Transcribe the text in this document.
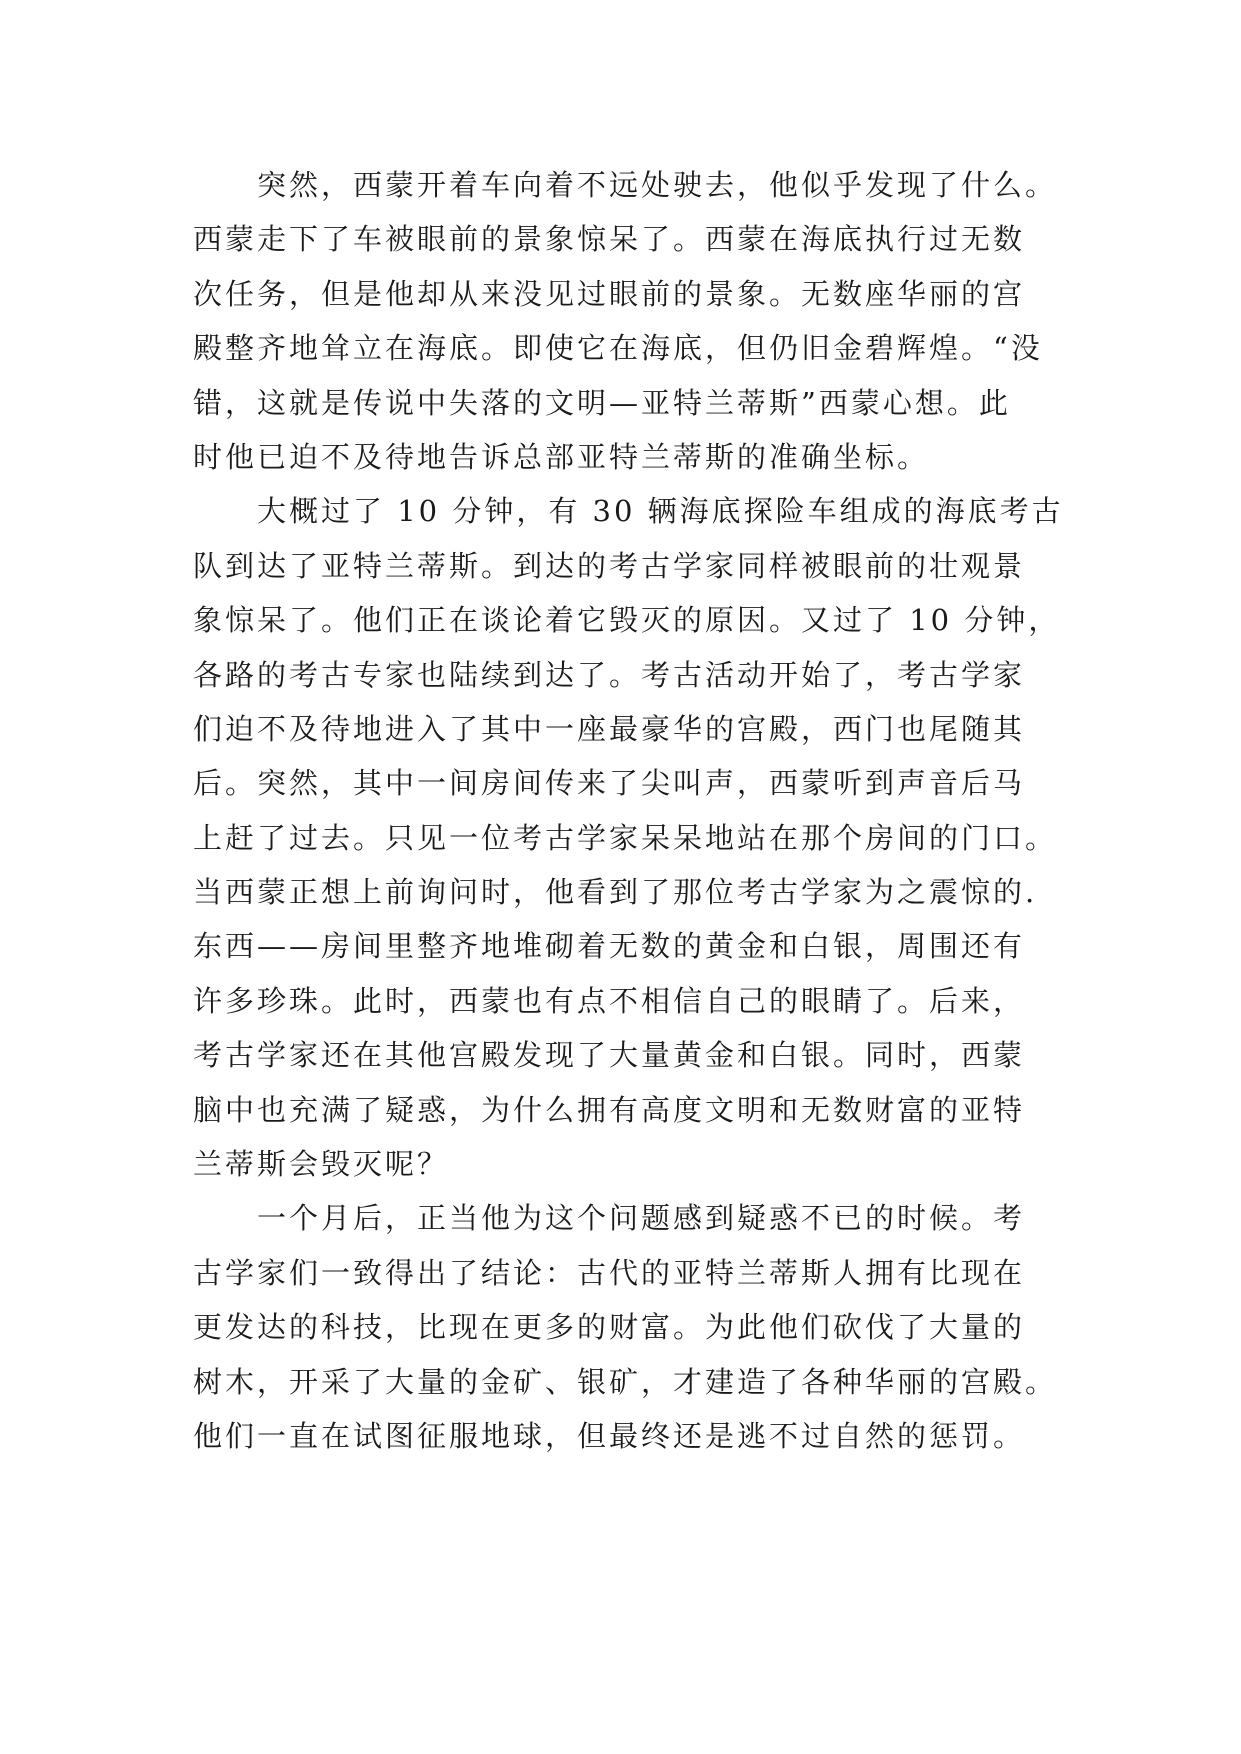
突然，西蒙开着车向着不远处驶去，他似乎发现了什么。
西蒙走下了车被眼前的景象惊呆了。西蒙在海底执行过无数
次任务，但是他却从来没见过眼前的景象。无数座华丽的宫
殿整齐地耸立在海底。即使它在海底，但仍旧金碧辉煌。“没
错，这就是传说中失落的文明—亚特兰蒂斯”西蒙心想。此
时他已迫不及待地告诉总部亚特兰蒂斯的准确坐标。
大概过了 10 分钟，有 30 辆海底探险车组成的海底考古
队到达了亚特兰蒂斯。到达的考古学家同样被眼前的壮观景
象惊呆了。他们正在谈论着它毁灭的原因。又过了 10 分钟，
各路的考古专家也陆续到达了。考古活动开始了，考古学家
们迫不及待地进入了其中一座最豪华的宫殿，西门也尾随其
后。突然，其中一间房间传来了尖叫声，西蒙听到声音后马
上赶了过去。只见一位考古学家呆呆地站在那个房间的门口。
当西蒙正想上前询问时，他看到了那位考古学家为之震惊的.
东西——房间里整齐地堆砌着无数的黄金和白银，周围还有
许多珍珠。此时，西蒙也有点不相信自己的眼睛了。后来，
考古学家还在其他宫殿发现了大量黄金和白银。同时，西蒙
脑中也充满了疑惑，为什么拥有高度文明和无数财富的亚特
兰蒂斯会毁灭呢？
一个月后，正当他为这个问题感到疑惑不已的时候。考
古学家们一致得出了结论：古代的亚特兰蒂斯人拥有比现在
更发达的科技，比现在更多的财富。为此他们砍伐了大量的
树木，开采了大量的金矿、银矿，才建造了各种华丽的宫殿。
他们一直在试图征服地球，但最终还是逃不过自然的惩罚。
